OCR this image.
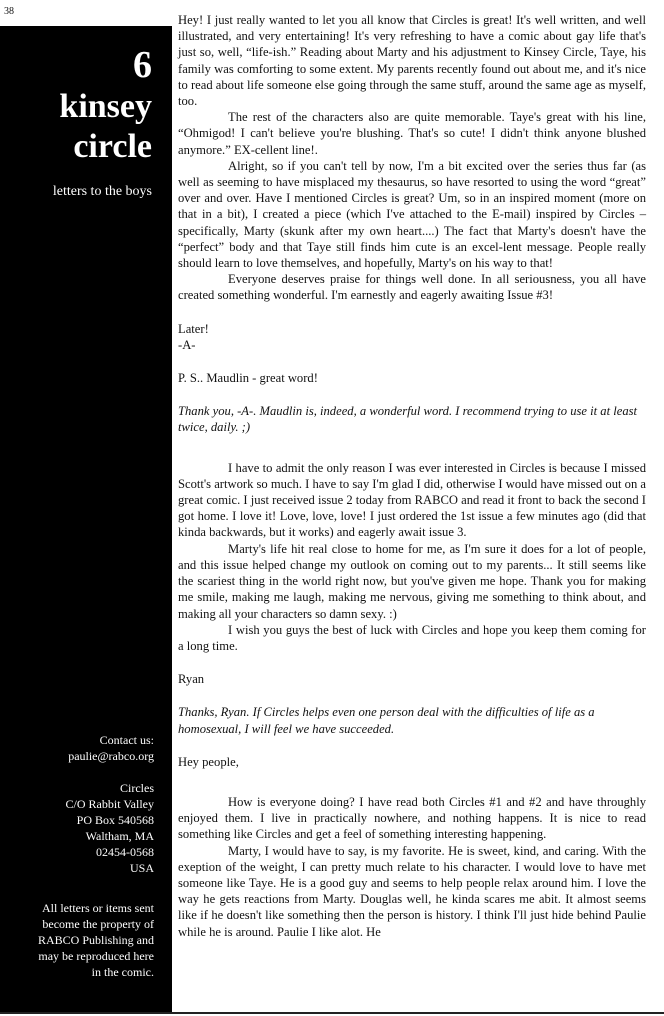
38
6
kinsey
circle
letters to the boys
Contact us:
paulie@rabco.org
Circles
C/O Rabbit Valley
PO Box 540568
Waltham, MA
02454-0568
USA
All letters or items sent
become the property of
RABCO Publishing and
may be reproduced here
in the comic.

Hey! I just really wanted to let you all know that Circles is great! It's well written, and well illustrated, and very entertaining! It's very refreshing to have a comic about gay life that's just so, well, “life-ish.” Reading about Marty and his adjustment to Kinsey Circle, Taye, his family was comforting to some extent. My parents recently found out about me, and it's nice to read about life someone else going through the same stuff, around the same age as myself, too.

The rest of the characters also are quite memorable. Taye's great with his line, “Ohmigod! I can't believe you're blushing. That's so cute! I didn't think anyone blushed anymore.” EX-cellent line!.

Alright, so if you can't tell by now, I'm a bit excited over the series thus far (as well as seeming to have misplaced my thesaurus, so have resorted to using the word “great” over and over. Have I mentioned Circles is great? Um, so in an inspired moment (more on that in a bit), I created a piece (which I've attached to the E-mail) inspired by Circles – specifically, Marty (skunk after my own heart....) The fact that Marty's doesn't have the “perfect” body and that Taye still finds him cute is an excel-lent message. People really should learn to love themselves, and hopefully, Marty's on his way to that!

Everyone deserves praise for things well done. In all seriousness, you all have created something wonderful. I'm earnestly and eagerly awaiting Issue #3!

Later!

-A-

P. S.. Maudlin - great word!

Thank you, -A-. Maudlin is, indeed, a wonderful word. I recommend trying to use it at least twice, daily. ;)

I have to admit the only reason I was ever interested in Circles is because I missed Scott's artwork so much. I have to say I'm glad I did, otherwise I would have missed out on a great comic. I just received issue 2 today from RABCO and read it front to back the second I got home. I love it! Love, love, love! I just ordered the 1st issue a few minutes ago (did that kinda backwards, but it works) and eagerly await issue 3.

Marty's life hit real close to home for me, as I'm sure it does for a lot of people, and this issue helped change my outlook on coming out to my parents... It still seems like the scariest thing in the world right now, but you've given me hope. Thank you for making me smile, making me laugh, making me nervous, giving me something to think about, and making all your characters so damn sexy. :)

I wish you guys the best of luck with Circles and hope you keep them coming for a long time.

Ryan

Thanks, Ryan. If Circles helps even one person deal with the difficulties of life as a homosexual, I will feel we have succeeded.

Hey people,

How is everyone doing? I have read both Circles #1 and #2 and have throughly enjoyed them. I live in practically nowhere, and nothing happens. It is nice to read something like Circles and get a feel of something interesting happening.

Marty, I would have to say, is my favorite. He is sweet, kind, and caring. With the exeption of the weight, I can pretty much relate to his character. I would love to have met someone like Taye. He is a good guy and seems to help people relax around him. I love the way he gets reactions from Marty. Douglas well, he kinda scares me abit. It almost seems like if he doesn't like something then the person is history. I think I'll just hide behind Paulie while he is around. Paulie I like alot. He
